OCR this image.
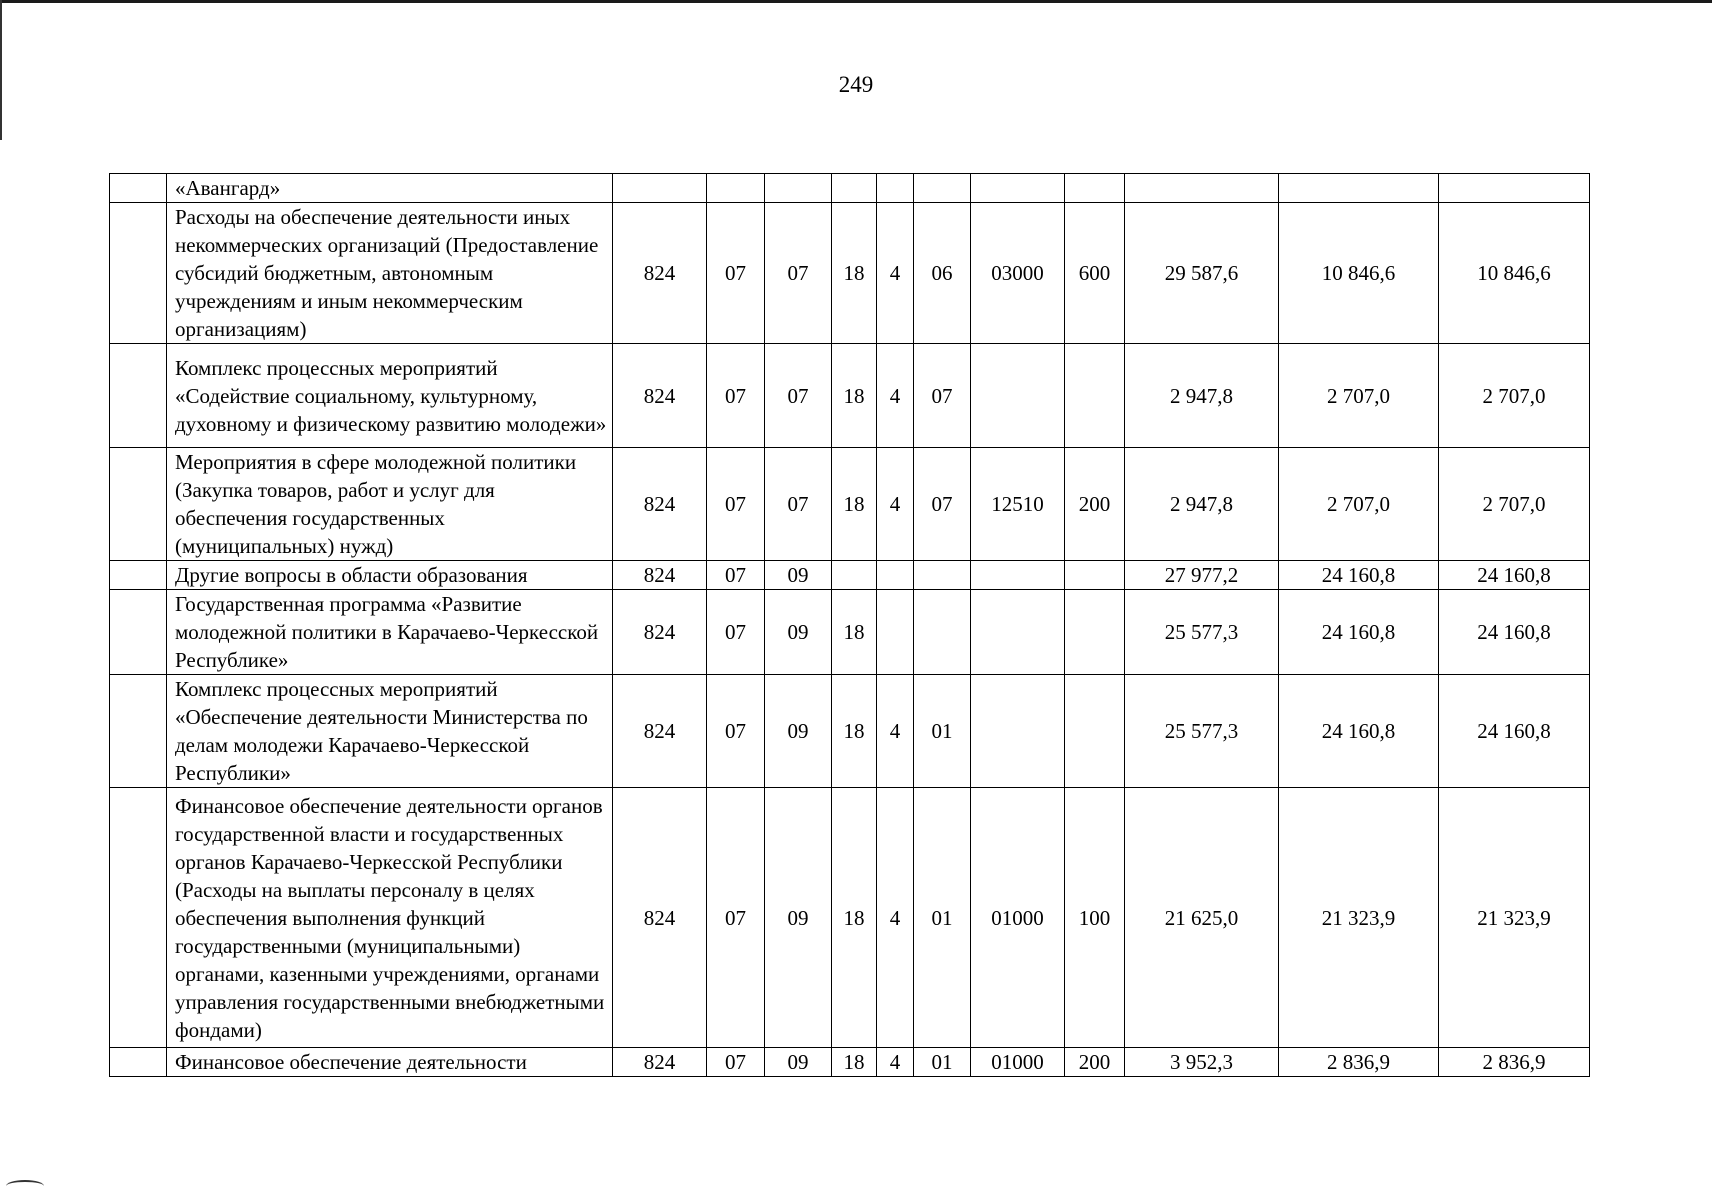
249
	«Авангард»											
	Расходы на обеспечение деятельности иных некоммерческих организаций (Предоставление субсидий бюджетным, автономным учреждениям и иным некоммерческим организациям)	824	07	07	18	4	06	03000	600	29 587,6	10 846,6	10 846,6
	Комплекс процессных мероприятий «Содействие социальному, культурному, духовному и физическому развитию молодежи»	824	07	07	18	4	07			2 947,8	2 707,0	2 707,0
	Мероприятия в сфере молодежной политики (Закупка товаров, работ и услуг для обеспечения государственных (муниципальных) нужд)	824	07	07	18	4	07	12510	200	2 947,8	2 707,0	2 707,0
	Другие вопросы в области образования	824	07	09						27 977,2	24 160,8	24 160,8
	Государственная программа «Развитие молодежной политики в Карачаево-Черкесской Республике»	824	07	09	18					25 577,3	24 160,8	24 160,8
	Комплекс процессных мероприятий «Обеспечение деятельности Министерства по делам молодежи Карачаево-Черкесской Республики»	824	07	09	18	4	01			25 577,3	24 160,8	24 160,8
	Финансовое обеспечение деятельности органов государственной власти и государственных органов Карачаево-Черкесской Республики (Расходы на выплаты персоналу в целях обеспечения выполнения функций государственными (муниципальными) органами, казенными учреждениями, органами управления государственными внебюджетными фондами)	824	07	09	18	4	01	01000	100	21 625,0	21 323,9	21 323,9
	Финансовое обеспечение деятельности	824	07	09	18	4	01	01000	200	3 952,3	2 836,9	2 836,9
